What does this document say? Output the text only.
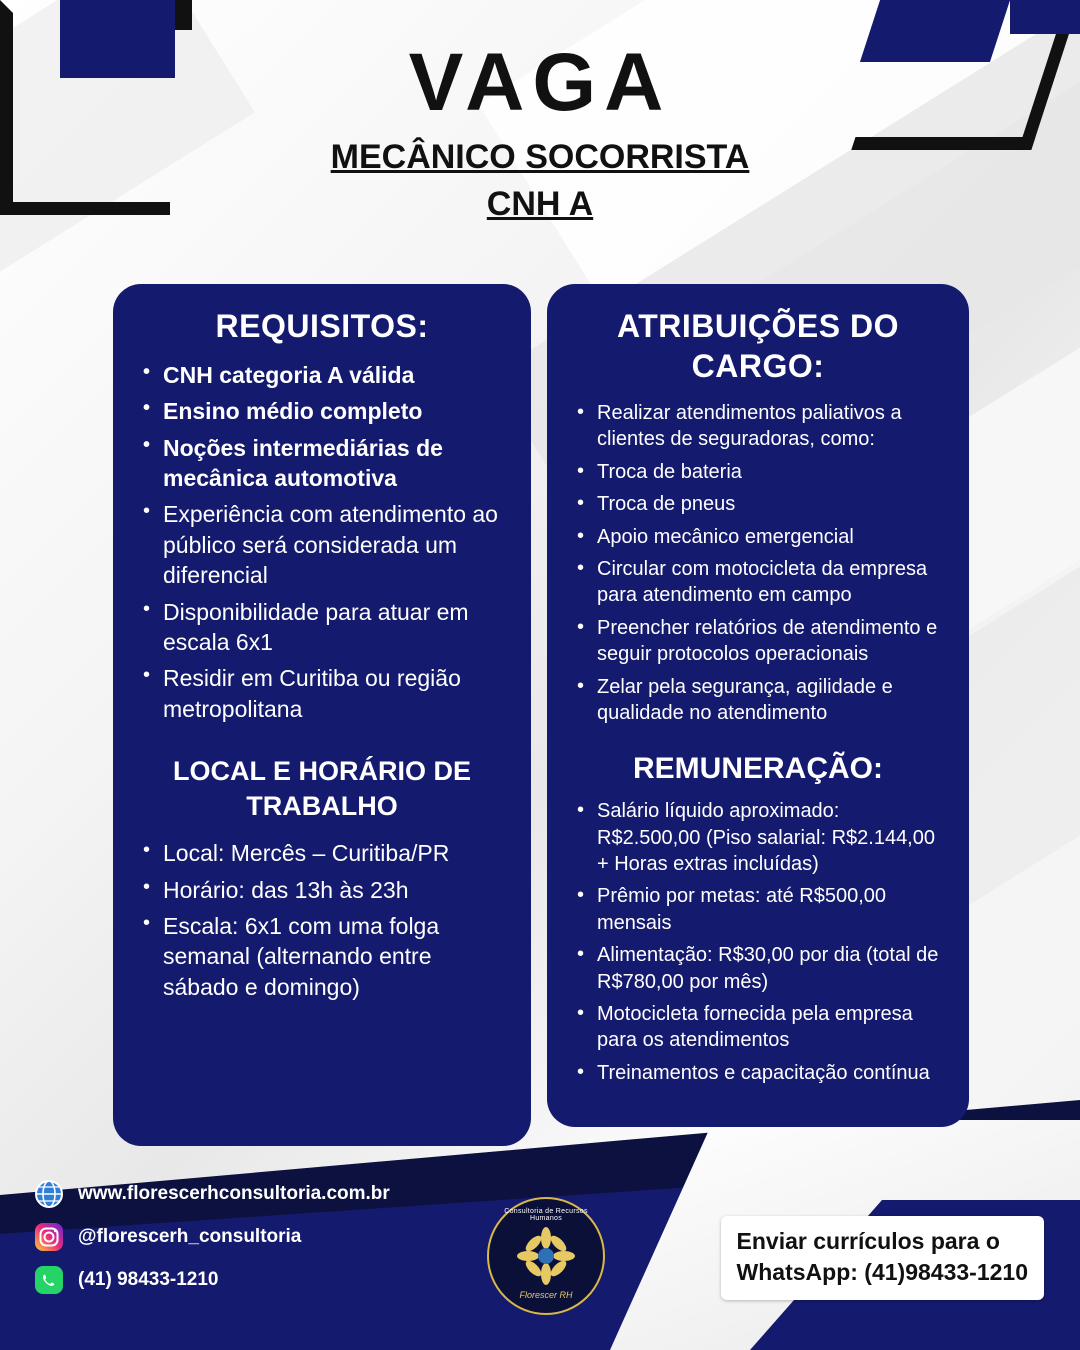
VAGA
MECÂNICO SOCORRISTA
CNH A
REQUISITOS:
• CNH categoria A válida
• Ensino médio completo
• Noções intermediárias de mecânica automotiva
• Experiência com atendimento ao público será considerada um diferencial
• Disponibilidade para atuar em escala 6x1
• Residir em Curitiba ou região metropolitana
LOCAL E HORÁRIO DE TRABALHO
• Local: Mercês – Curitiba/PR
• Horário: das 13h às 23h
• Escala: 6x1 com uma folga semanal (alternando entre sábado e domingo)
ATRIBUIÇÕES DO CARGO:
• Realizar atendimentos paliativos a clientes de seguradoras, como:
• Troca de bateria
• Troca de pneus
• Apoio mecânico emergencial
• Circular com motocicleta da empresa para atendimento em campo
• Preencher relatórios de atendimento e seguir protocolos operacionais
• Zelar pela segurança, agilidade e qualidade no atendimento
REMUNERAÇÃO:
• Salário líquido aproximado: R$2.500,00 (Piso salarial: R$2.144,00 + Horas extras incluídas)
• Prêmio por metas: até R$500,00 mensais
• Alimentação: R$30,00 por dia (total de R$780,00 por mês)
• Motocicleta fornecida pela empresa para os atendimentos
• Treinamentos e capacitação contínua
www.florescerhconsultoria.com.br
@florescerh_consultoria
(41) 98433-1210
Consultoria de Recursos Humanos
Florescer RH
Enviar currículos para o
WhatsApp: (41)98433-1210
